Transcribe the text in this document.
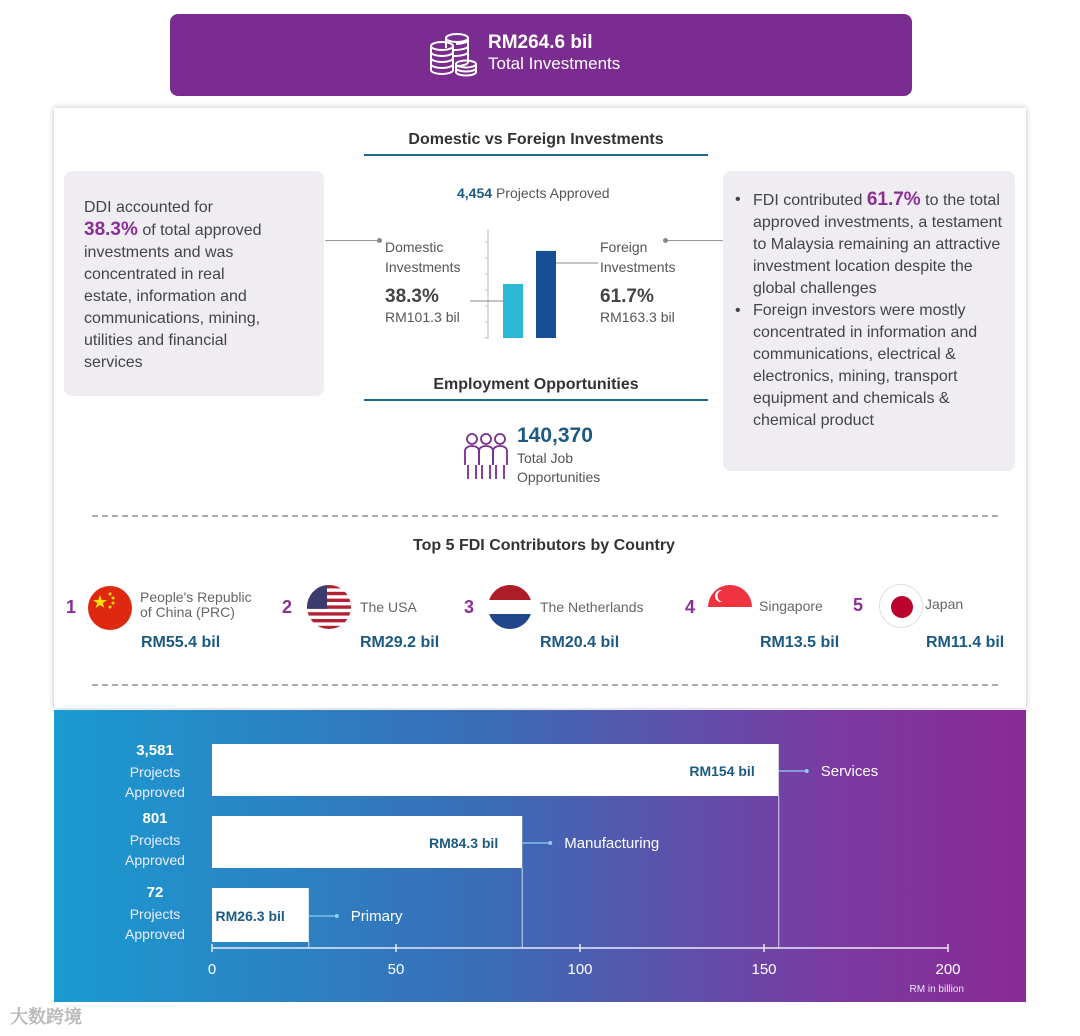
RM264.6 bil
Total Investments
Domestic vs Foreign Investments
DDI accounted for
38.3% of total approved
investments and was
concentrated in real
estate, information and
communications, mining,
utilities and financial
services
• FDI contributed 61.7% to the total approved investments, a testament to Malaysia remaining an attractive investment location despite the global challenges
• Foreign investors were mostly concentrated in information and communications, electrical & electronics, mining, transport equipment and chemicals & chemical product
4,454 Projects Approved
Domestic
Investments
38.3%
RM101.3 bil
Foreign
Investments
61.7%
RM163.3 bil
Employment Opportunities
140,370
Total Job
Opportunities
Top 5 FDI Contributors by Country
1	People's Republic
of China (PRC)
RM55.4 bil
2	The USA
RM29.2 bil
3	The Netherlands
RM20.4 bil
4	Singapore
RM13.5 bil
5	Japan
RM11.4 bil
3,581
Projects
Approved
801
Projects
Approved
72
Projects
Approved
0	50	100	150	200
RM in billion
RM154 bil	Services
RM84.3 bil	Manufacturing
RM26.3 bil	Primary
大数跨境
